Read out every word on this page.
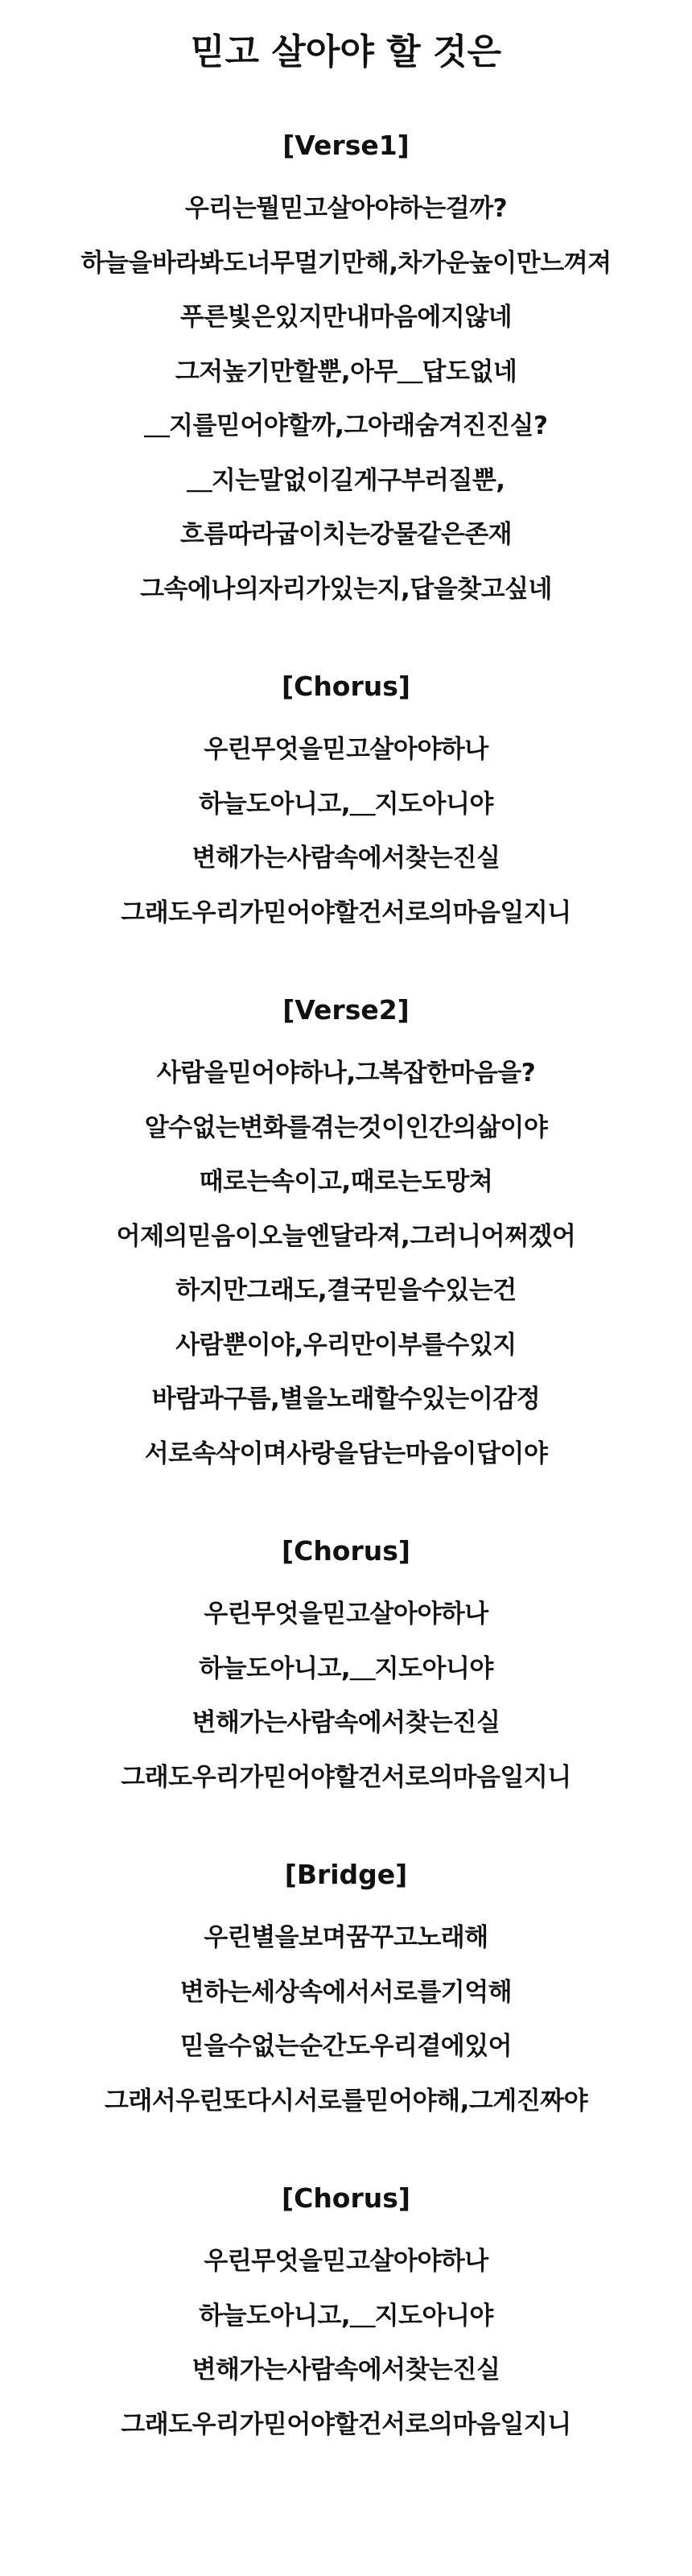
믿고 살아야 할 것은
[Verse1]
우리는뭘믿고살아야하는걸까?
하늘을바라봐도너무멀기만해,차가운높이만느껴져
푸른빛은있지만내마음에지않네
그저높기만할뿐,아무＿답도없네
＿지를믿어야할까,그아래숨겨진진실?
＿지는말없이길게구부러질뿐,
흐름따라굽이치는강물같은존재
그속에나의자리가있는지,답을찾고싶네
[Chorus]
우린무엇을믿고살아야하나
하늘도아니고,＿지도아니야
변해가는사람속에서찾는진실
그래도우리가믿어야할건서로의마음일지니
[Verse2]
사람을믿어야하나,그복잡한마음을?
알수없는변화를겪는것이인간의삶이야
때로는속이고,때로는도망쳐
어제의믿음이오늘엔달라져,그러니어쩌겠어
하지만그래도,결국믿을수있는건
사람뿐이야,우리만이부를수있지
바람과구름,별을노래할수있는이감정
서로속삭이며사랑을담는마음이답이야
[Chorus]
우린무엇을믿고살아야하나
하늘도아니고,＿지도아니야
변해가는사람속에서찾는진실
그래도우리가믿어야할건서로의마음일지니
[Bridge]
우린별을보며꿈꾸고노래해
변하는세상속에서서로를기억해
믿을수없는순간도우리곁에있어
그래서우린또다시서로를믿어야해,그게진짜야
[Chorus]
우린무엇을믿고살아야하나
하늘도아니고,＿지도아니야
변해가는사람속에서찾는진실
그래도우리가믿어야할건서로의마음일지니
